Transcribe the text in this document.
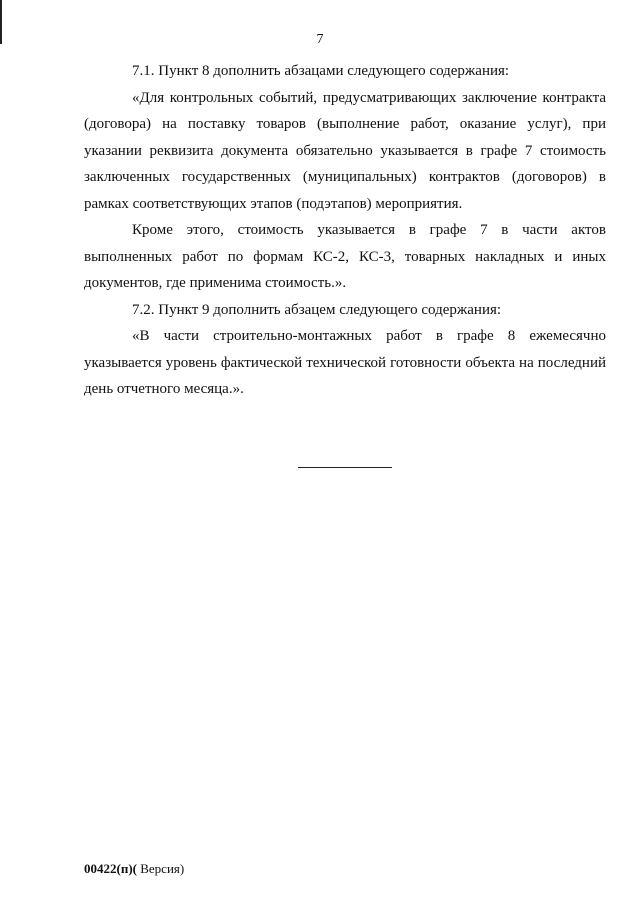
7

7.1. Пункт 8 дополнить абзацами следующего содержания:

«Для контрольных событий, предусматривающих заключение контракта (договора) на поставку товаров (выполнение работ, оказание услуг), при указании реквизита документа обязательно указывается в графе 7 стоимость заключенных государственных (муниципальных) контрактов (договоров) в рамках соответствующих этапов (подэтапов) мероприятия.

Кроме этого, стоимость указывается в графе 7 в части актов выполненных работ по формам КС-2, КС-3, товарных накладных и иных документов, где применима стоимость.».

7.2. Пункт 9 дополнить абзацем следующего содержания:

«В части строительно-монтажных работ в графе 8 ежемесячно указывается уровень фактической технической готовности объекта на последний день отчетного месяца.».

00422(п)( Версия)
